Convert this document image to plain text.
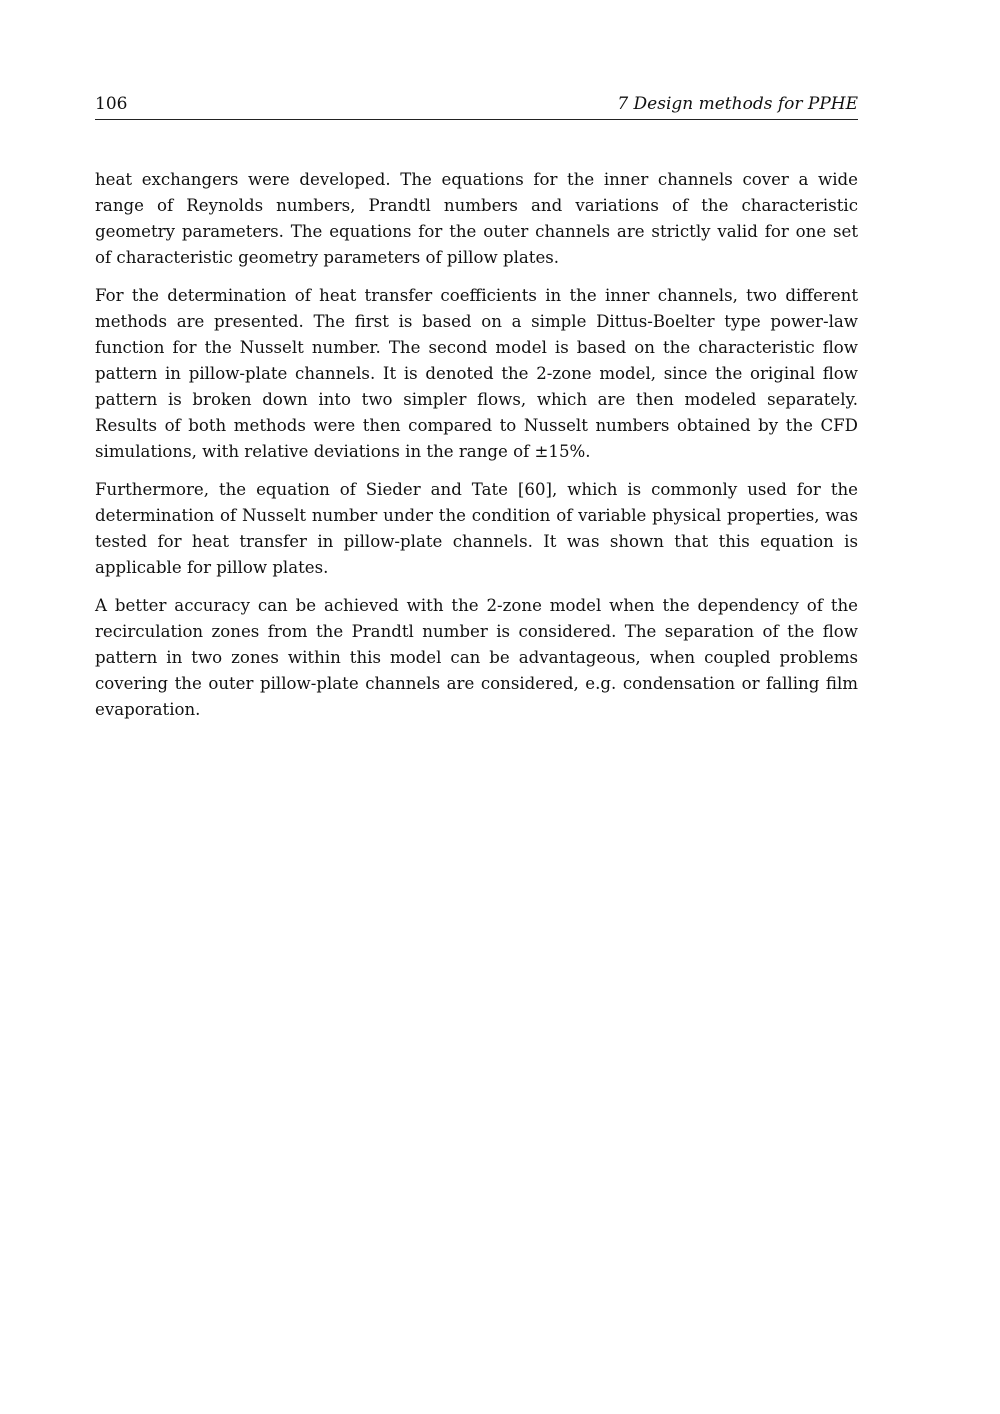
106	7 Design methods for PPHE

heat exchangers were developed. The equations for the inner channels cover a wide range of Reynolds numbers, Prandtl numbers and variations of the characteristic geometry parameters. The equations for the outer channels are strictly valid for one set of characteristic geometry parameters of pillow plates.

For the determination of heat transfer coefficients in the inner channels, two different methods are presented. The first is based on a simple Dittus-Boelter type power-law function for the Nusselt number. The second model is based on the characteristic flow pattern in pillow-plate channels. It is denoted the 2-zone model, since the original flow pattern is broken down into two simpler flows, which are then modeled separately. Results of both methods were then compared to Nusselt numbers obtained by the CFD simulations, with relative deviations in the range of ±15%.

Furthermore, the equation of Sieder and Tate [60], which is commonly used for the determination of Nusselt number under the condition of variable physical properties, was tested for heat transfer in pillow-plate channels. It was shown that this equation is applicable for pillow plates.

A better accuracy can be achieved with the 2-zone model when the dependency of the recirculation zones from the Prandtl number is considered. The separation of the flow pattern in two zones within this model can be advantageous, when coupled problems covering the outer pillow-plate channels are considered, e.g. condensation or falling film evaporation.
